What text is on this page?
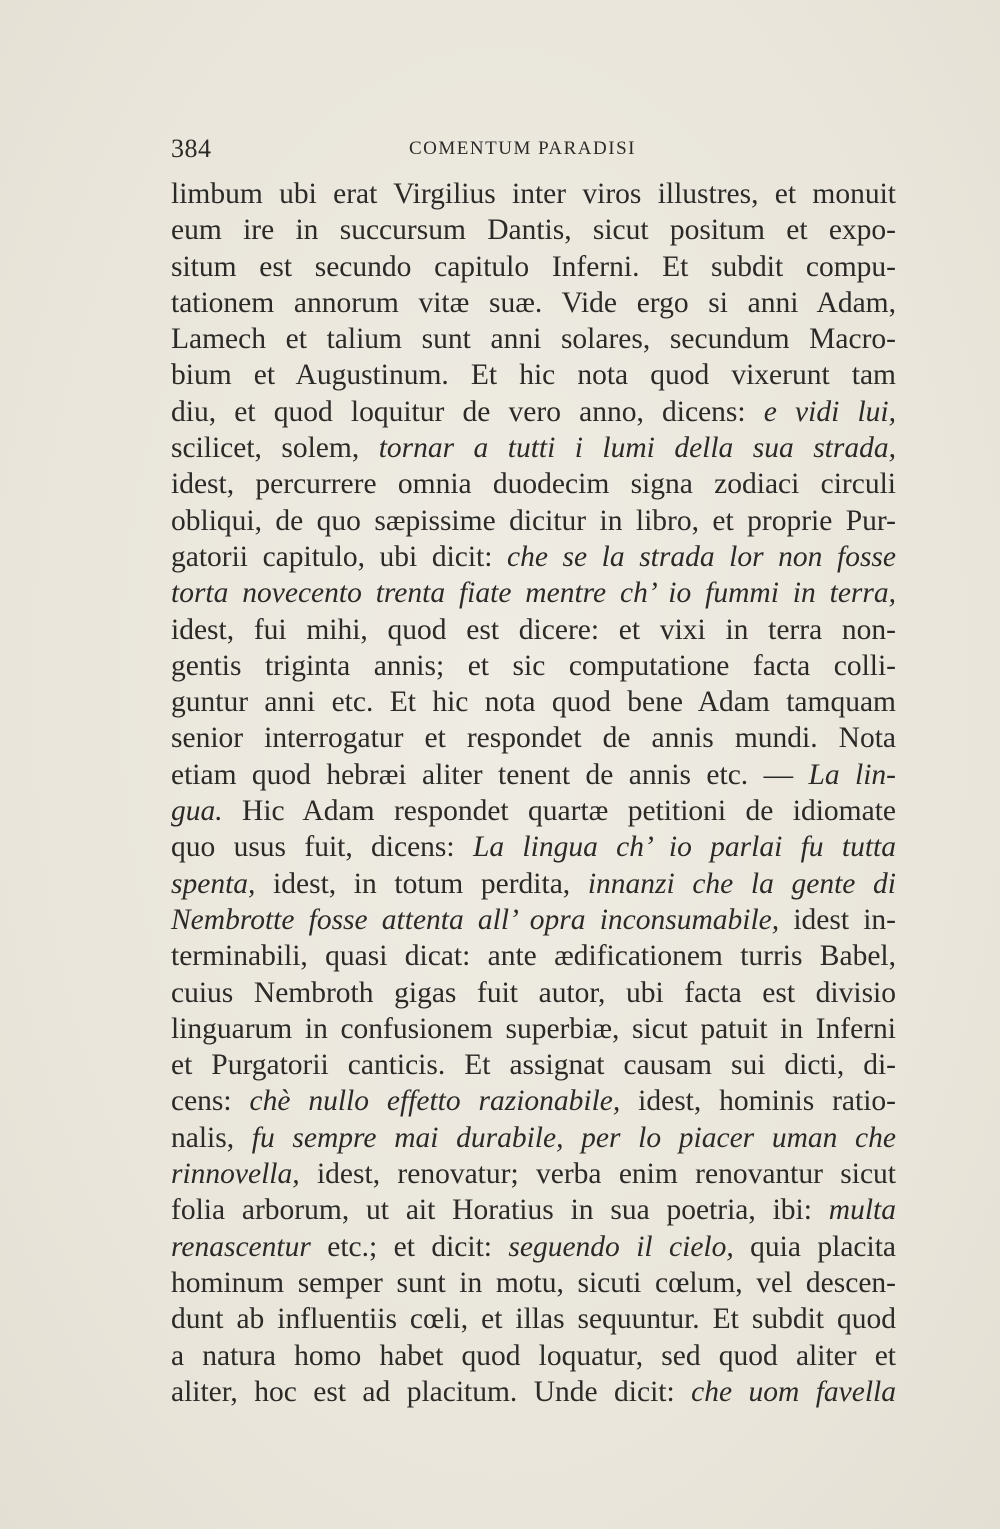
384	COMENTUM PARADISI
limbum ubi erat Virgilius inter viros illustres, et monuit
eum ire in succursum Dantis, sicut positum et expo-
situm est secundo capitulo Inferni. Et subdit compu-
tationem annorum vitæ suæ. Vide ergo si anni Adam,
Lamech et talium sunt anni solares, secundum Macro-
bium et Augustinum. Et hic nota quod vixerunt tam
diu, et quod loquitur de vero anno, dicens: e vidi lui,
scilicet, solem, tornar a tutti i lumi della sua strada,
idest, percurrere omnia duodecim signa zodiaci circuli
obliqui, de quo sæpissime dicitur in libro, et proprie Pur-
gatorii capitulo, ubi dicit: che se la strada lor non fosse
torta novecento trenta fiate mentre ch’ io fummi in terra,
idest, fui mihi, quod est dicere: et vixi in terra non-
gentis triginta annis; et sic computatione facta colli-
guntur anni etc. Et hic nota quod bene Adam tamquam
senior interrogatur et respondet de annis mundi. Nota
etiam quod hebræi aliter tenent de annis etc. — La lin-
gua. Hic Adam respondet quartæ petitioni de idiomate
quo usus fuit, dicens: La lingua ch’ io parlai fu tutta
spenta, idest, in totum perdita, innanzi che la gente di
Nembrotte fosse attenta all’ opra inconsumabile, idest in-
terminabili, quasi dicat: ante ædificationem turris Babel,
cuius Nembroth gigas fuit autor, ubi facta est divisio
linguarum in confusionem superbiæ, sicut patuit in Inferni
et Purgatorii canticis. Et assignat causam sui dicti, di-
cens: chè nullo effetto razionabile, idest, hominis ratio-
nalis, fu sempre mai durabile, per lo piacer uman che
rinnovella, idest, renovatur; verba enim renovantur sicut
folia arborum, ut ait Horatius in sua poetria, ibi: multa
renascentur etc.; et dicit: seguendo il cielo, quia placita
hominum semper sunt in motu, sicuti cœlum, vel descen-
dunt ab influentiis cœli, et illas sequuntur. Et subdit quod
a natura homo habet quod loquatur, sed quod aliter et
aliter, hoc est ad placitum. Unde dicit: che uom favella
